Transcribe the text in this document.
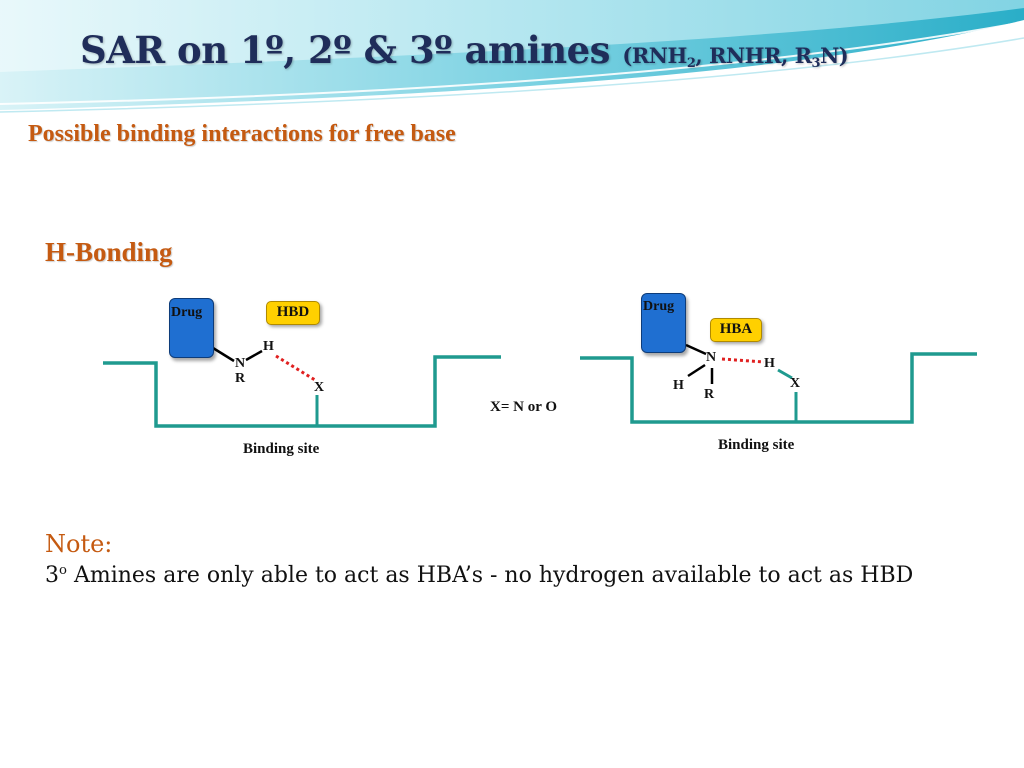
SAR on 1º, 2º & 3º amines ($RNH_2$, RNHR, $R_3N$)
Possible binding interactions for free base
H-Bonding
Drug	HBD
N
H
R
X
Binding site
X= N or O
Drug
HBA
N	H
H
R
X
Binding site
Note:
3$^o$ Amines are only able to act as HBA’s - no hydrogen available to act as HBD
